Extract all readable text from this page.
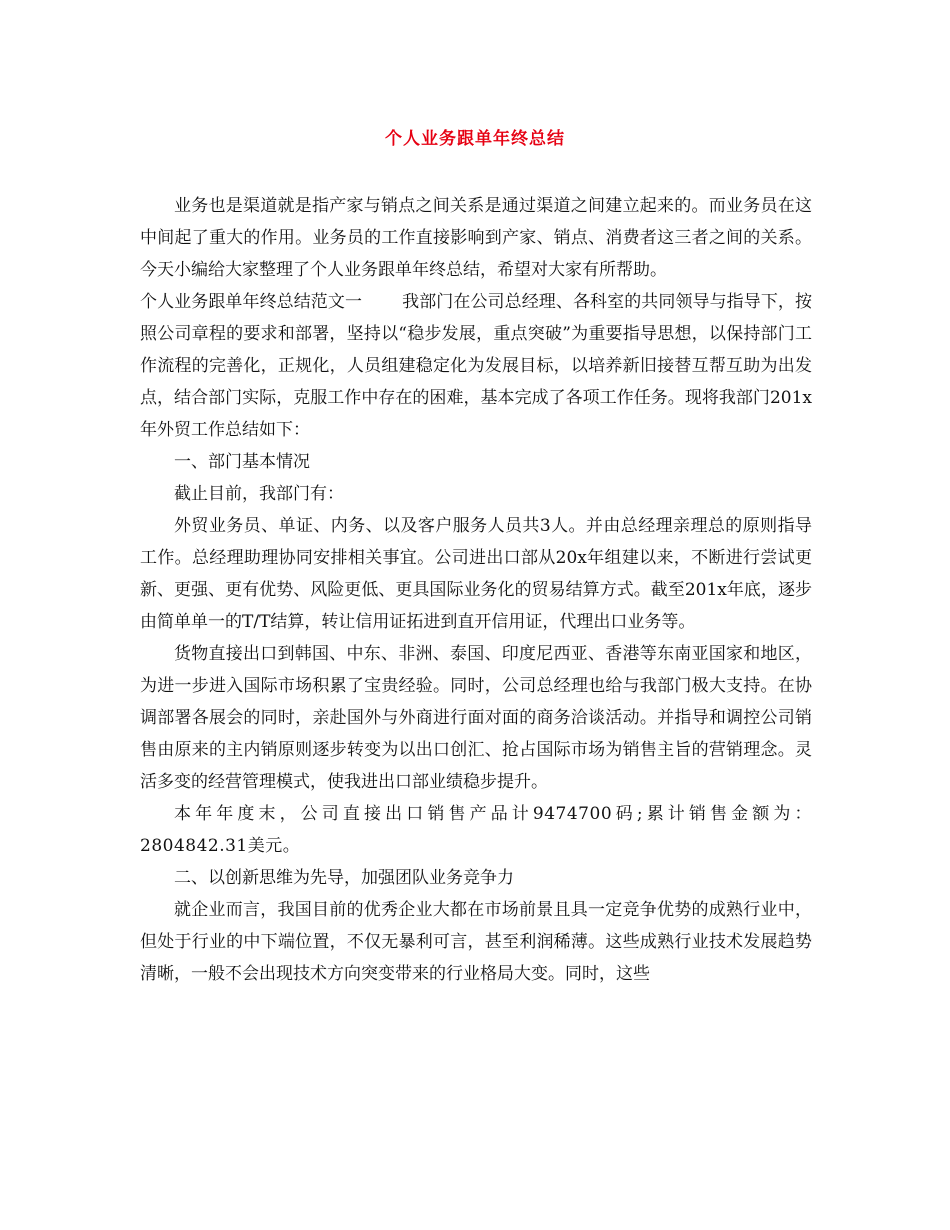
个人业务跟单年终总结

业务也是渠道就是指产家与销点之间关系是通过渠道之间建立起来的。而业务员在这中间起了重大的作用。业务员的工作直接影响到产家、销点、消费者这三者之间的关系。今天小编给大家整理了个人业务跟单年终总结，希望对大家有所帮助。

个人业务跟单年终总结范文一 我部门在公司总经理、各科室的共同领导与指导下，按照公司章程的要求和部署，坚持以“稳步发展，重点突破”为重要指导思想，以保持部门工作流程的完善化，正规化，人员组建稳定化为发展目标，以培养新旧接替互帮互助为出发点，结合部门实际，克服工作中存在的困难，基本完成了各项工作任务。现将我部门201x年外贸工作总结如下：

一、部门基本情况

截止目前，我部门有：

外贸业务员、单证、内务、以及客户服务人员共3人。并由总经理亲理总的原则指导工作。总经理助理协同安排相关事宜。公司进出口部从20x年组建以来，不断进行尝试更新、更强、更有优势、风险更低、更具国际业务化的贸易结算方式。截至201x年底，逐步由简单单一的T/T结算，转让信用证拓进到直开信用证，代理出口业务等。

货物直接出口到韩国、中东、非洲、泰国、印度尼西亚、香港等东南亚国家和地区，为进一步进入国际市场积累了宝贵经验。同时，公司总经理也给与我部门极大支持。在协调部署各展会的同时，亲赴国外与外商进行面对面的商务洽谈活动。并指导和调控公司销售由原来的主内销原则逐步转变为以出口创汇、抢占国际市场为销售主旨的营销理念。灵活多变的经营管理模式，使我进出口部业绩稳步提升。

本年年度末，公司直接出口销售产品计9474700码;累计销售金额为：2804842.31美元。

二、以创新思维为先导，加强团队业务竞争力

就企业而言，我国目前的优秀企业大都在市场前景且具一定竞争优势的成熟行业中，但处于行业的中下端位置，不仅无暴利可言，甚至利润稀薄。这些成熟行业技术发展趋势清晰，一般不会出现技术方向突变带来的行业格局大变。同时，这些
